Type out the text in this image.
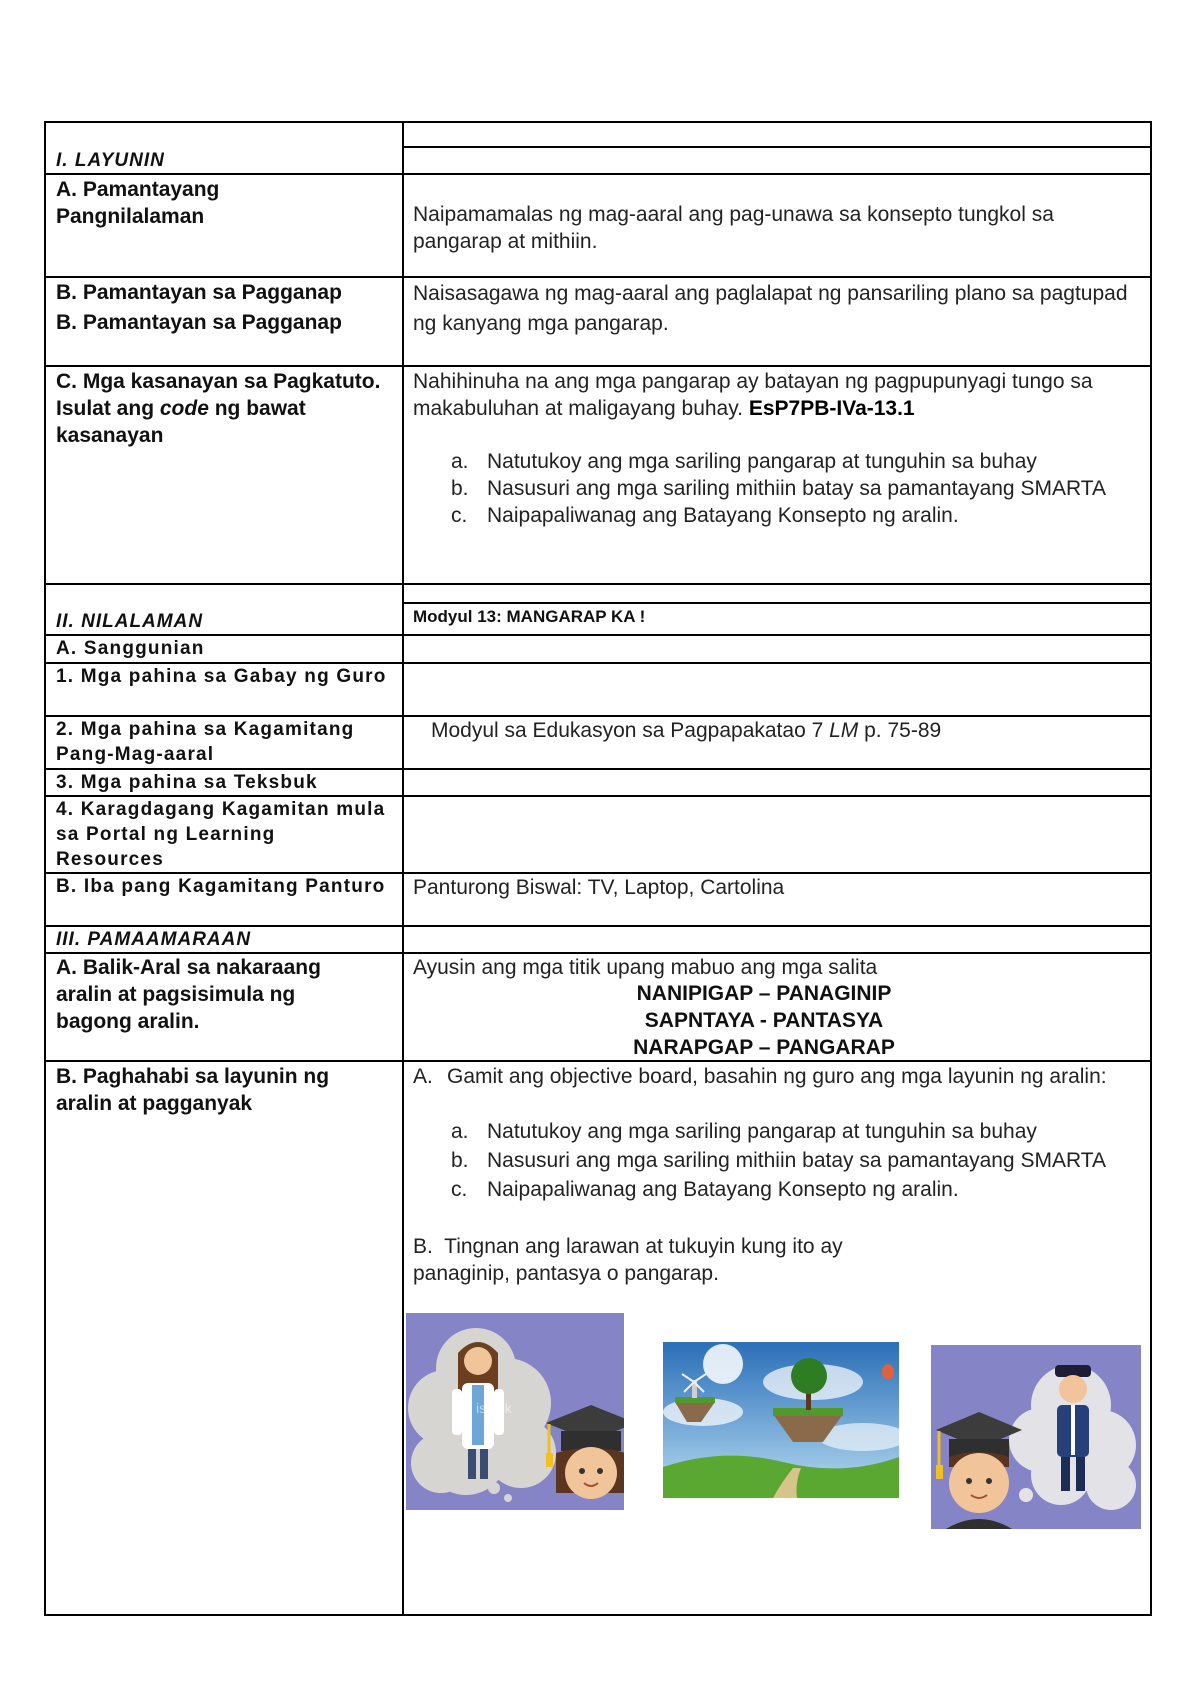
I. LAYUNIN
A. Pamantayang Pangnilalaman	Naipamamalas ng mag-aaral ang pag-unawa sa konsepto tungkol sa pangarap at mithiin.
B. Pamantayan sa Pagganap
B. Pamantayan sa Pagganap
Naisasagawa ng mag-aaral ang paglalapat ng pansariling plano sa pagtupad ng kanyang mga pangarap.
C. Mga kasanayan sa Pagkatuto. Isulat ang code ng bawat kasanayan
Nahihinuha na ang mga pangarap ay batayan ng pagpupunyagi tungo sa makabuluhan at maligayang buhay. EsP7PB-IVa-13.1
a. Natutukoy ang mga sariling pangarap at tunguhin sa buhay
b. Nasusuri ang mga sariling mithiin batay sa pamantayang SMARTA
c. Naipapaliwanag ang Batayang Konsepto ng aralin.
II. NILALAMAN	Modyul 13: MANGARAP KA !
A. Sanggunian
1. Mga pahina sa Gabay ng Guro
2. Mga pahina sa Kagamitang Pang-Mag-aaral
Modyul sa Edukasyon sa Pagpapakatao 7 LM p. 75-89
3. Mga pahina sa Teksbuk
4. Karagdagang Kagamitan mula sa Portal ng Learning Resources
B. Iba pang Kagamitang Panturo Panturong Biswal: TV, Laptop, Cartolina
III. PAMAAMARAAN
A. Balik-Aral sa nakaraang aralin at pagsisimula ng bagong aralin.
Ayusin ang mga titik upang mabuo ang mga salita
NANIPIGAP – PANAGINIP
SAPNTAYA - PANTASYA
NARAPGAP – PANGARAP
B. Paghahabi sa layunin ng aralin at pagganyak
A. Gamit ang objective board, basahin ng guro ang mga layunin ng aralin:
a. Natutukoy ang mga sariling pangarap at tunguhin sa buhay
b. Nasusuri ang mga sariling mithiin batay sa pamantayang SMARTA
c. Naipapaliwanag ang Batayang Konsepto ng aralin.
B. Tingnan ang larawan at tukuyin kung ito ay panaginip, pantasya o pangarap.
istock
